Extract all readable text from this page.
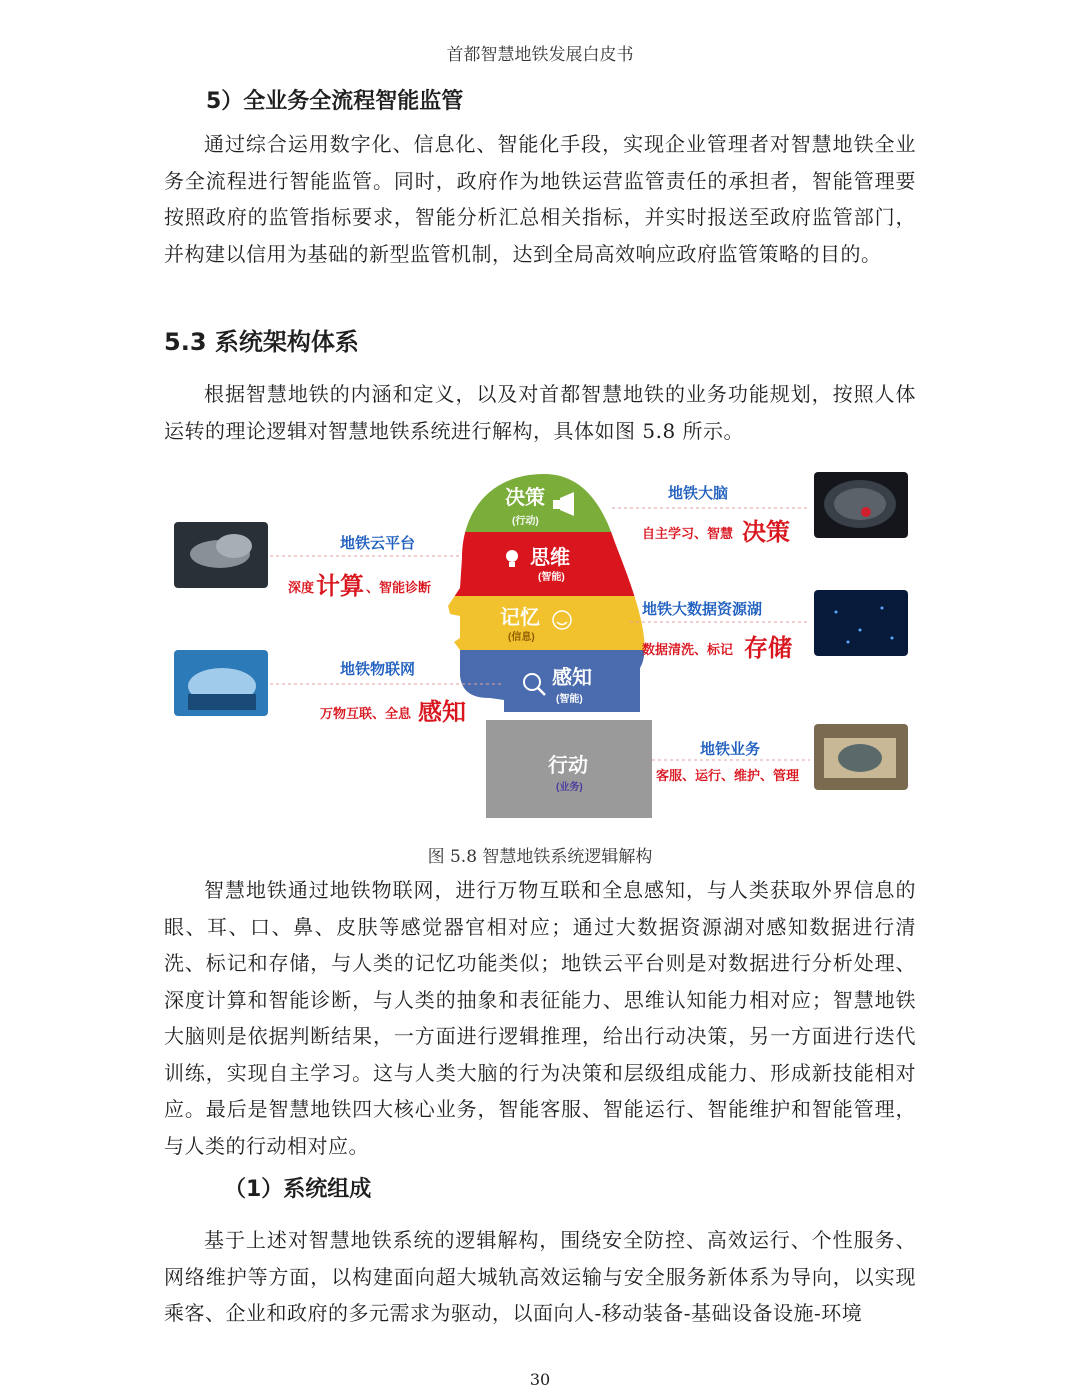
首都智慧地铁发展白皮书
5）全业务全流程智能监管

通过综合运用数字化、信息化、智能化手段，实现企业管理者对智慧地铁全业务全流程进行智能监管。同时，政府作为地铁运营监管责任的承担者，智能管理要按照政府的监管指标要求，智能分析汇总相关指标，并实时报送至政府监管部门，并构建以信用为基础的新型监管机制，达到全局高效响应政府监管策略的目的。

5.3 系统架构体系

根据智慧地铁的内涵和定义，以及对首都智慧地铁的业务功能规划，按照人体运转的理论逻辑对智慧地铁系统进行解构，具体如图 5.8 所示。

决策
(行动)
思维
(智能)
记忆
(信息)
感知
(智能)
行动
(业务)
地铁大脑
自主学习、智慧 决策
地铁大数据资源湖
数据清洗、标记 存储
地铁业务
客服、运行、维护、管理
地铁云平台
深度 计算 、智能诊断
地铁物联网
万物互联、全息 感知
图 5.8 智慧地铁系统逻辑解构

智慧地铁通过地铁物联网，进行万物互联和全息感知，与人类获取外界信息的眼、耳、口、鼻、皮肤等感觉器官相对应；通过大数据资源湖对感知数据进行清洗、标记和存储，与人类的记忆功能类似；地铁云平台则是对数据进行分析处理、深度计算和智能诊断，与人类的抽象和表征能力、思维认知能力相对应；智慧地铁大脑则是依据判断结果，一方面进行逻辑推理，给出行动决策，另一方面进行迭代训练，实现自主学习。这与人类大脑的行为决策和层级组成能力、形成新技能相对应。最后是智慧地铁四大核心业务，智能客服、智能运行、智能维护和智能管理，与人类的行动相对应。

（1）系统组成

基于上述对智慧地铁系统的逻辑解构，围绕安全防控、高效运行、个性服务、网络维护等方面，以构建面向超大城轨高效运输与安全服务新体系为导向，以实现乘客、企业和政府的多元需求为驱动，以面向人-移动装备-基础设备设施-环境

30
